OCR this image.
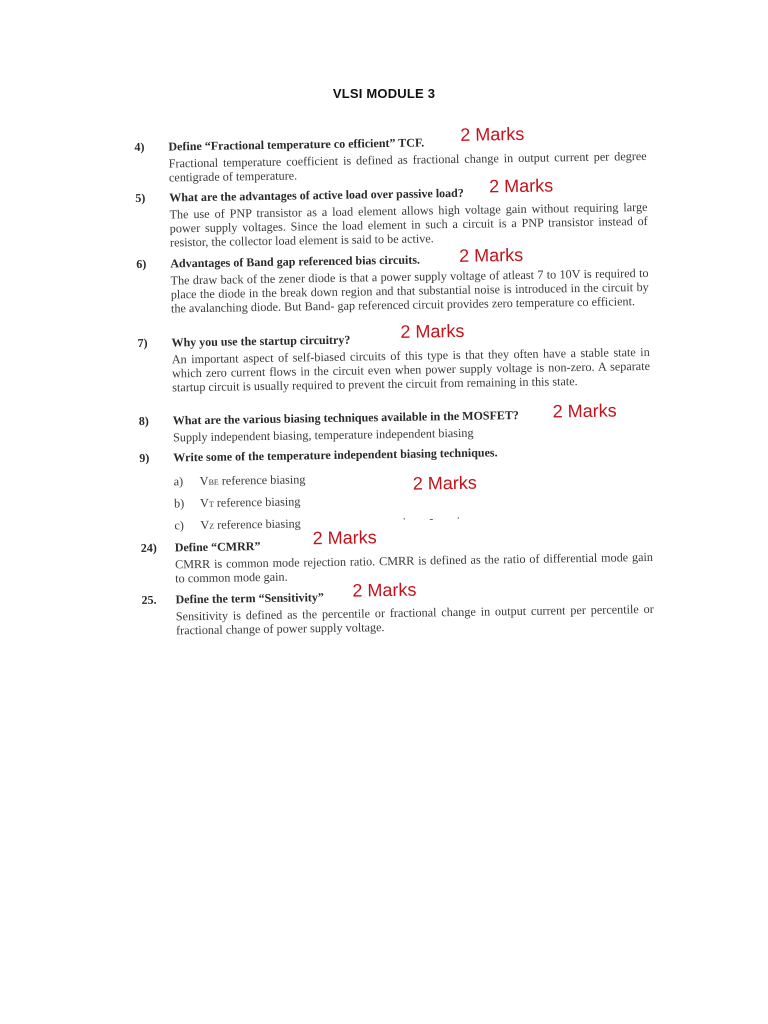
VLSI MODULE 3
4) Define “Fractional temperature co efficient” TCF. 2 Marks
Fractional temperature coefficient is defined as fractional change in output current per degree centigrade of temperature.
5) What are the advantages of active load over passive load? 2 Marks
The use of PNP transistor as a load element allows high voltage gain without requiring large power supply voltages. Since the load element in such a circuit is a PNP transistor instead of resistor, the collector load element is said to be active.
6) Advantages of Band gap referenced bias circuits. 2 Marks
The draw back of the zener diode is that a power supply voltage of atleast 7 to 10V is required to place the diode in the break down region and that substantial noise is introduced in the circuit by the avalanching diode. But Band- gap referenced circuit provides zero temperature co efficient.
7) Why you use the startup circuitry?	2 Marks
An important aspect of self-biased circuits of this type is that they often have a stable state in which zero current flows in the circuit even when power supply voltage is non-zero. A separate startup circuit is usually required to prevent the circuit from remaining in this state.
8) What are the various biasing techniques available in the MOSFET? 2 Marks
Supply independent biasing, temperature independent biasing
9) Write some of the temperature independent biasing techniques.
2 Marks
a) VBE reference biasing
b) VT reference biasing
c) VZ reference biasing	· - ·
24) Define “CMRR”	2 Marks
CMRR is common mode rejection ratio. CMRR is defined as the ratio of differential mode gain to common mode gain.
25. Define the term “Sensitivity” 2 Marks
Sensitivity is defined as the percentile or fractional change in output current per percentile or fractional change of power supply voltage.
